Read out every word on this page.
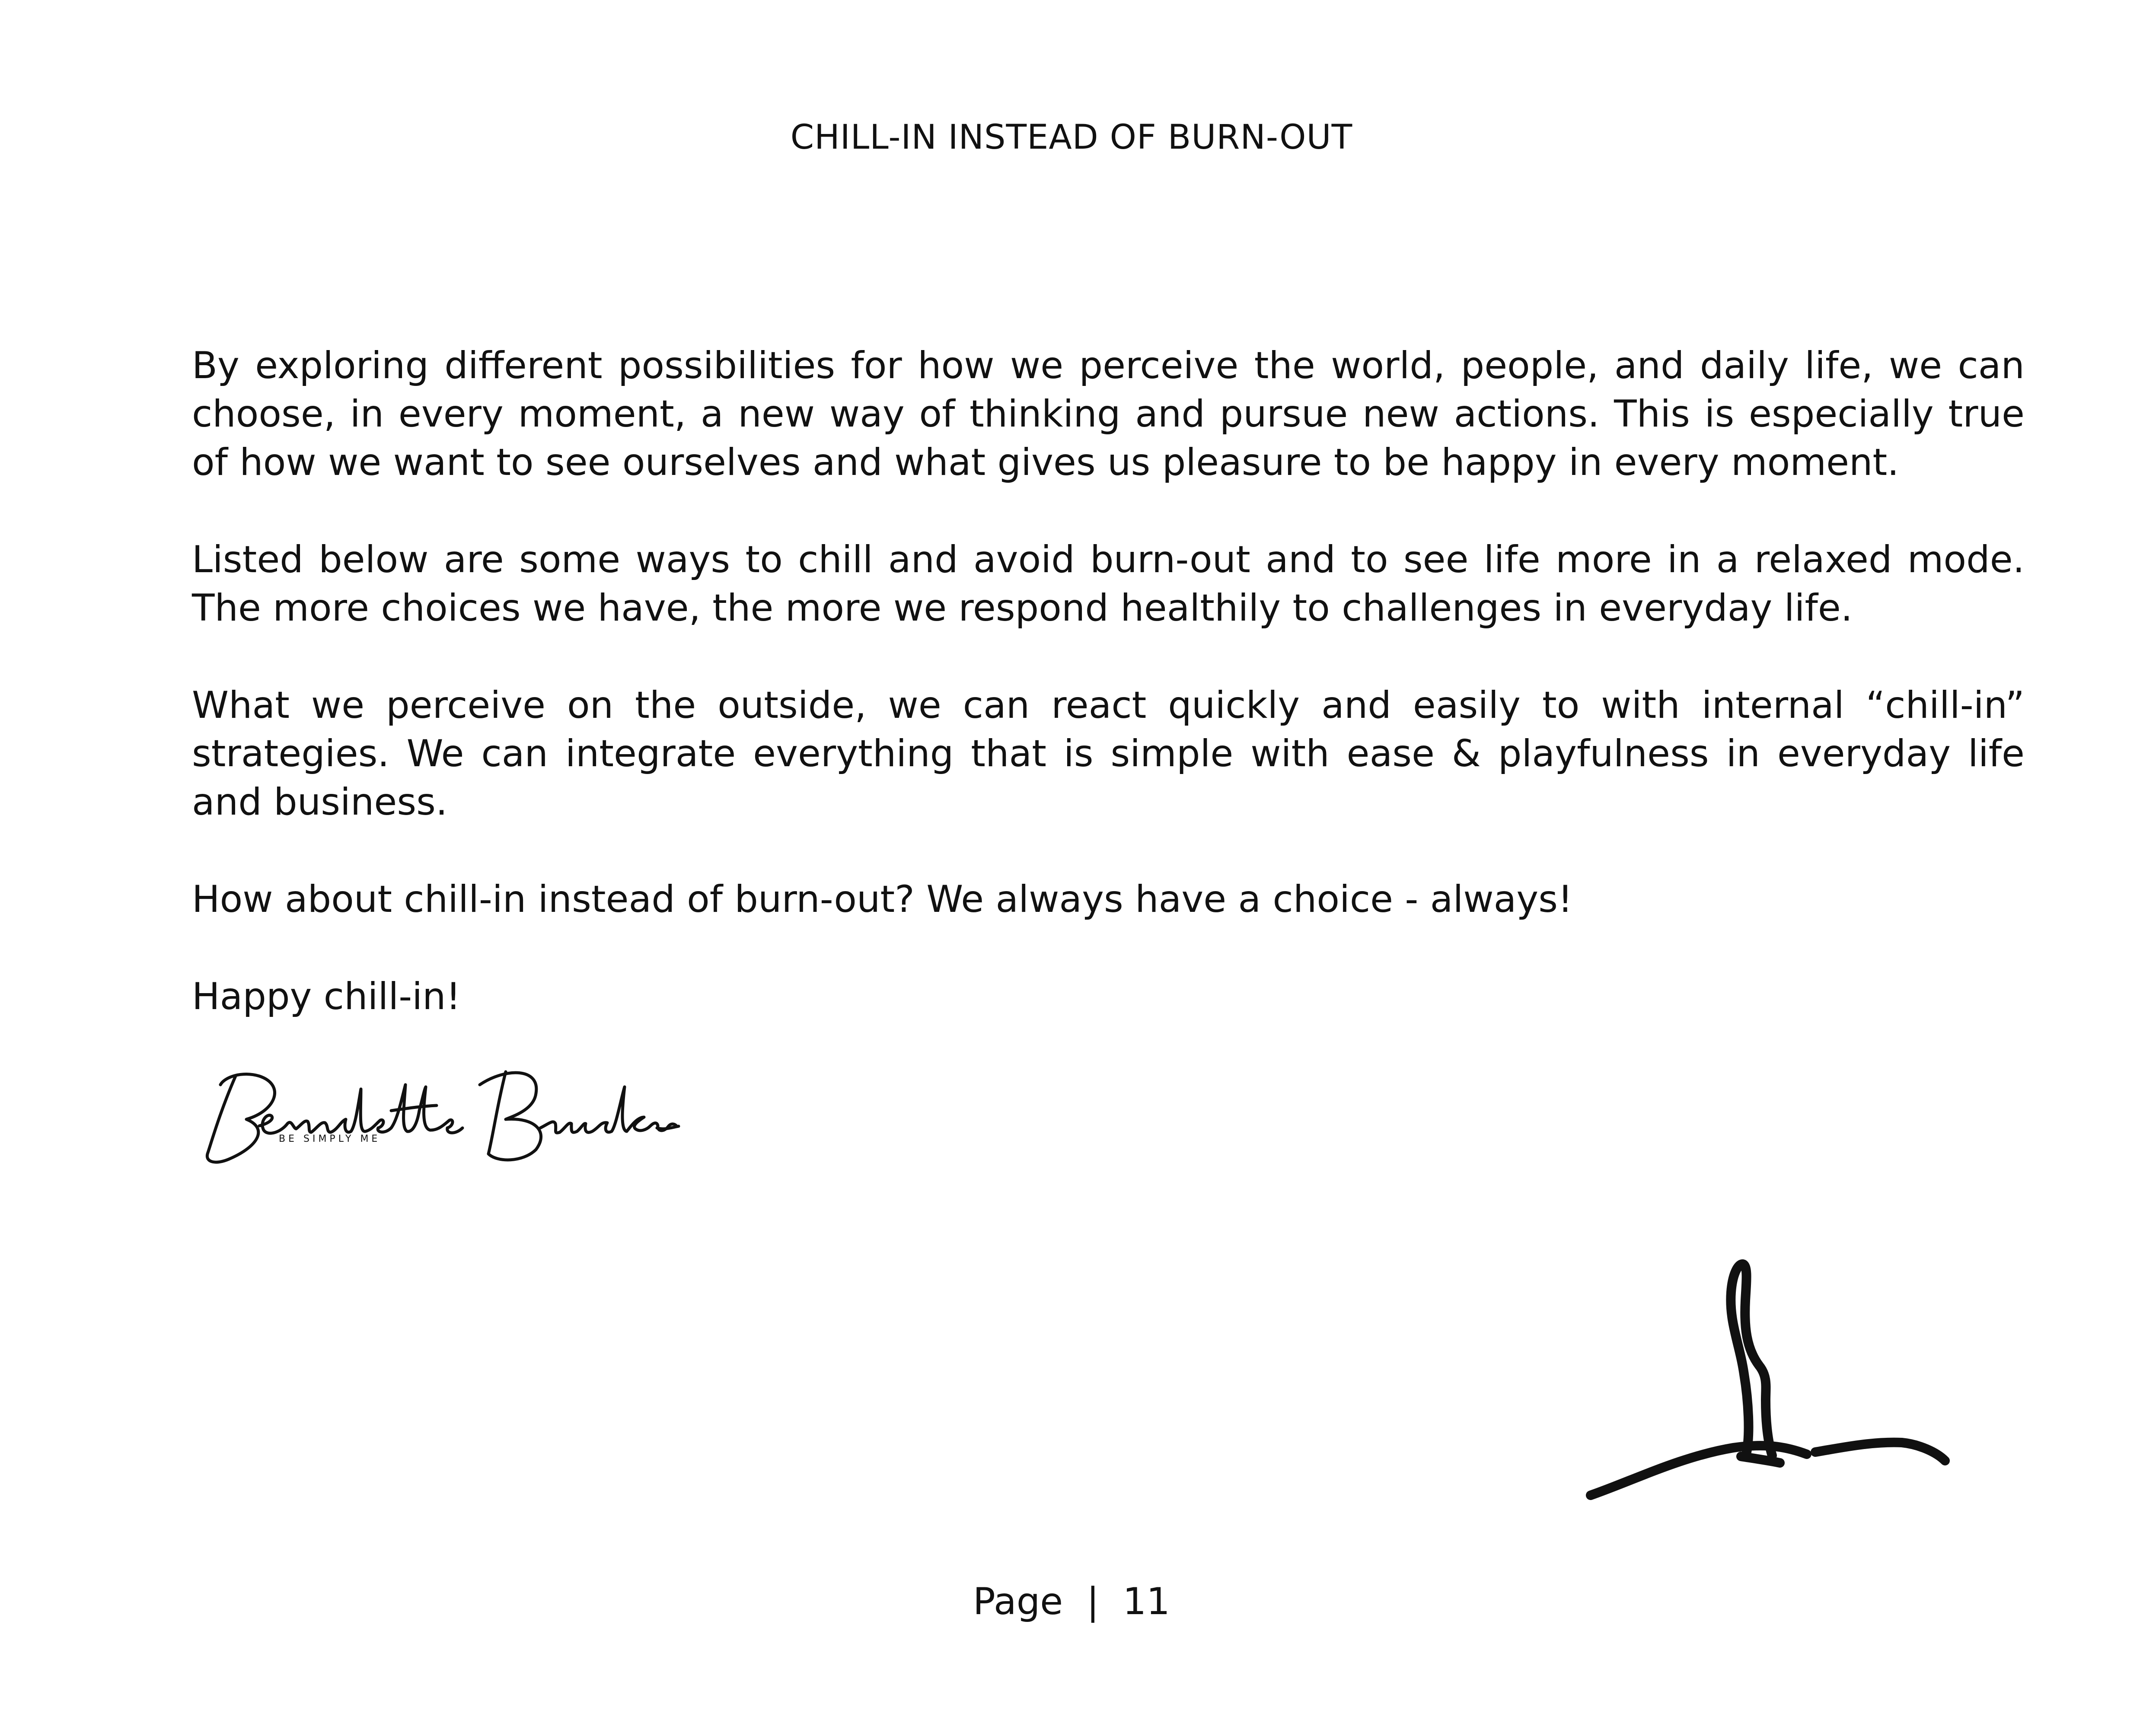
CHILL-IN INSTEAD OF BURN-OUT

By exploring different possibilities for how we perceive the world, people, and daily life, we can choose, in every moment, a new way of thinking and pursue new actions. This is especially true of how we want to see ourselves and what gives us pleasure to be happy in every moment.

Listed below are some ways to chill and avoid burn-out and to see life more in a relaxed mode. The more choices we have, the more we respond healthily to challenges in everyday life.

What we perceive on the outside, we can react quickly and easily to with internal “chill-in” strategies. We can integrate everything that is simple with ease & playfulness in everyday life and business.

How about chill-in instead of burn-out? We always have a choice - always!

Happy chill-in!

BE SIMPLY ME
Page | 11
